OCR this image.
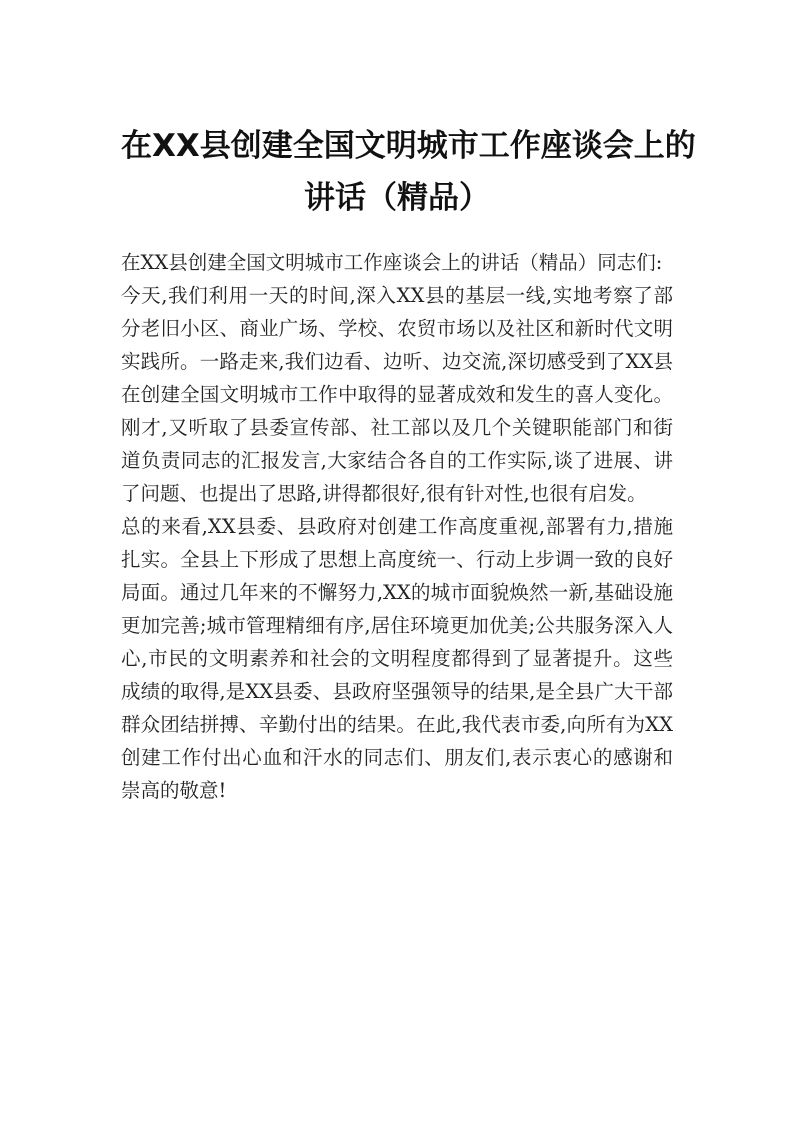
在XX县创建全国文明城市工作座谈会上的
讲话（精品）

在XX县创建全国文明城市工作座谈会上的讲话（精品）同志们:

今天,我们利用一天的时间,深入XX县的基层一线,实地考察了部分老旧小区、商业广场、学校、农贸市场以及社区和新时代文明实践所。一路走来,我们边看、边听、边交流,深切感受到了XX县在创建全国文明城市工作中取得的显著成效和发生的喜人变化。刚才,又听取了县委宣传部、社工部以及几个关键职能部门和街道负责同志的汇报发言,大家结合各自的工作实际,谈了进展、讲了问题、也提出了思路,讲得都很好,很有针对性,也很有启发。

总的来看,XX县委、县政府对创建工作高度重视,部署有力,措施扎实。全县上下形成了思想上高度统一、行动上步调一致的良好局面。通过几年来的不懈努力,XX的城市面貌焕然一新,基础设施更加完善;城市管理精细有序,居住环境更加优美;公共服务深入人心,市民的文明素养和社会的文明程度都得到了显著提升。这些成绩的取得,是XX县委、县政府坚强领导的结果,是全县广大干部群众团结拼搏、辛勤付出的结果。在此,我代表市委,向所有为XX创建工作付出心血和汗水的同志们、朋友们,表示衷心的感谢和崇高的敬意!
